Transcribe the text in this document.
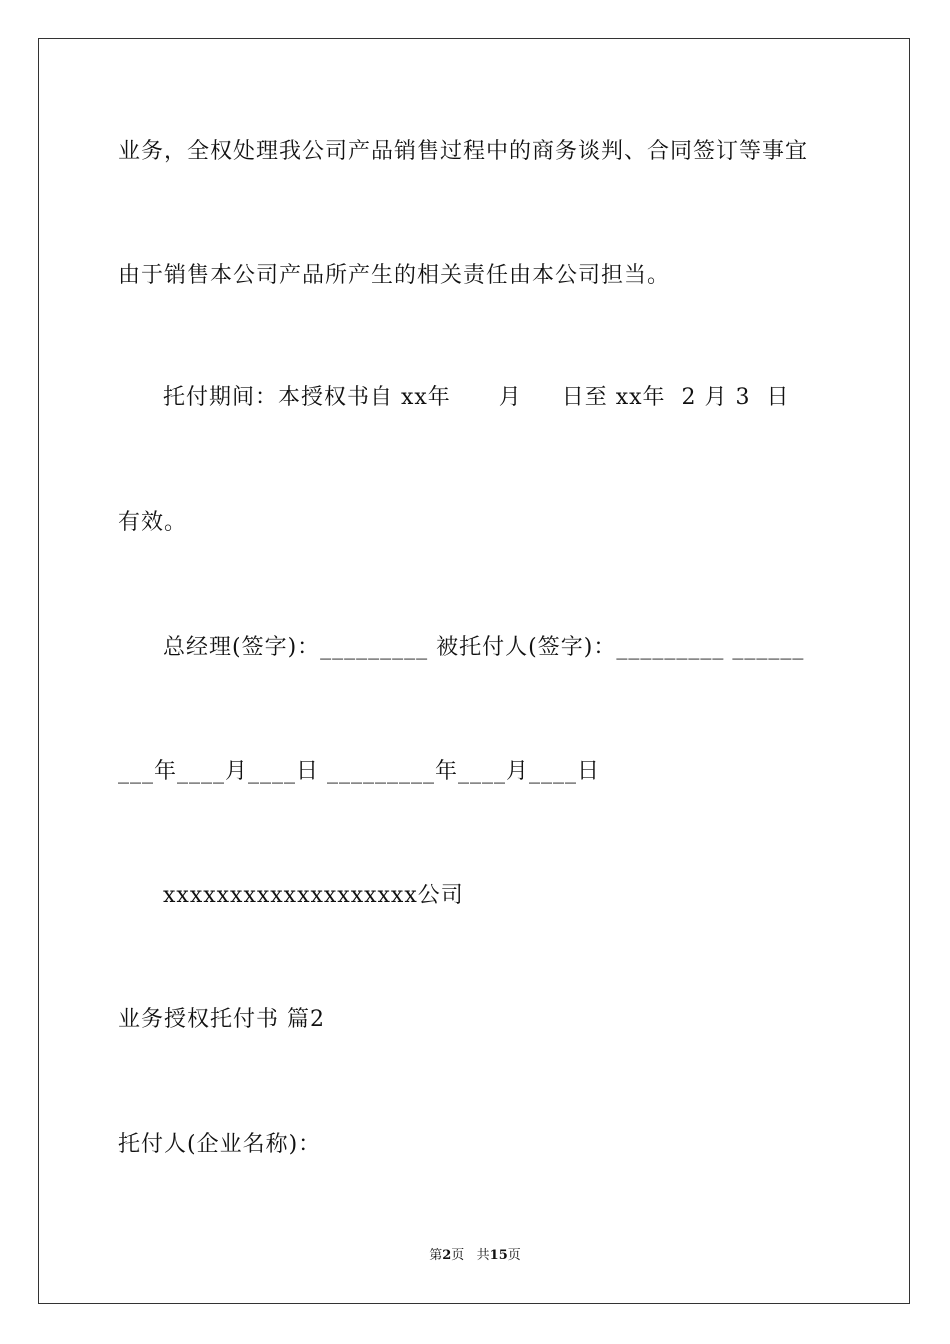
业务，全权处理我公司产品销售过程中的商务谈判、合同签订等事宜
由于销售本公司产品所产生的相关责任由本公司担当。
托付期间：本授权书自 xx年      月     日至 xx年  2 月 3  日
有效。
总经理(签字)：_________ 被托付人(签字)：_________ ______
___年____月____日 _________年____月____日
xxxxxxxxxxxxxxxxxxx公司
业务授权托付书 篇2
托付人(企业名称)：
第2页   共15页
